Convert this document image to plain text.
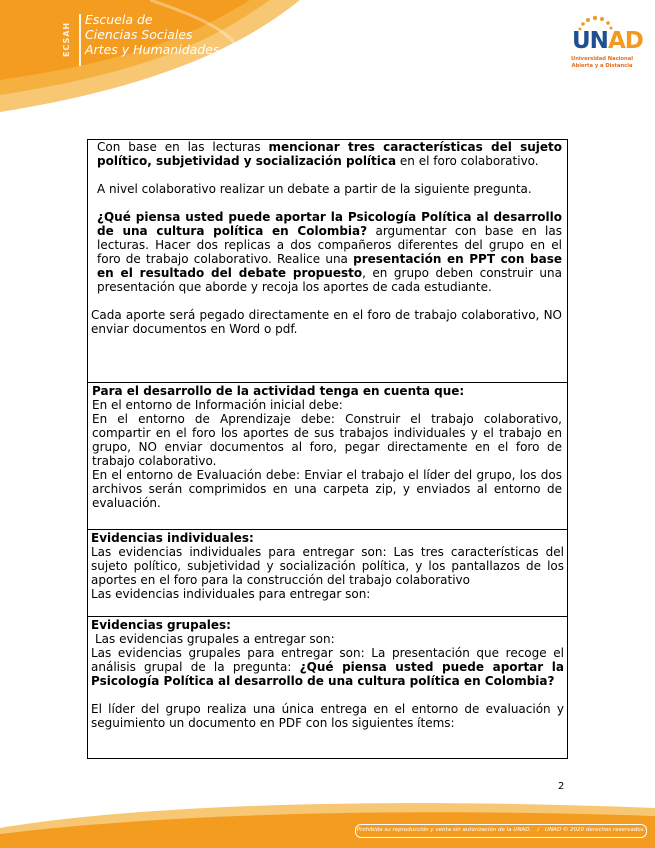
ECSAH
Escuela de
Ciencias Sociales
Artes y Humanidades	UNAD
Universidad Nacional
Abierta y a Distancia

Con base en las lecturas mencionar tres características del sujeto político, subjetividad y socialización política en el foro colaborativo.

A nivel colaborativo realizar un debate a partir de la siguiente pregunta.

¿Qué piensa usted puede aportar la Psicología Política al desarrollo de una cultura política en Colombia? argumentar con base en las lecturas. Hacer dos replicas a dos compañeros diferentes del grupo en el foro de trabajo colaborativo. Realice una presentación en PPT con base en el resultado del debate propuesto, en grupo deben construir una presentación que aborde y recoja los aportes de cada estudiante.

Cada aporte será pegado directamente en el foro de trabajo colaborativo, NO enviar documentos en Word o pdf.

Para el desarrollo de la actividad tenga en cuenta que:

En el entorno de Información inicial debe:

En el entorno de Aprendizaje debe: Construir el trabajo colaborativo, compartir en el foro los aportes de sus trabajos individuales y el trabajo en grupo, NO enviar documentos al foro, pegar directamente en el foro de trabajo colaborativo.

En el entorno de Evaluación debe: Enviar el trabajo el líder del grupo, los dos archivos serán comprimidos en una carpeta zip, y enviados al entorno de evaluación.

Evidencias individuales:

Las evidencias individuales para entregar son: Las tres características del sujeto político, subjetividad y socialización política, y los pantallazos de los aportes en el foro para la construcción del trabajo colaborativo

Las evidencias individuales para entregar son:

Evidencias grupales:

Las evidencias grupales a entregar son:

Las evidencias grupales para entregar son: La presentación que recoge el análisis grupal de la pregunta: ¿Qué piensa usted puede aportar la Psicología Política al desarrollo de una cultura política en Colombia?

El líder del grupo realiza una única entrega en el entorno de evaluación y seguimiento un documento en PDF con los siguientes ítems:

2
Prohibida su reproducción y venta sin autorización de la UNAD. / UNAD © 2020 derechos reservados.
